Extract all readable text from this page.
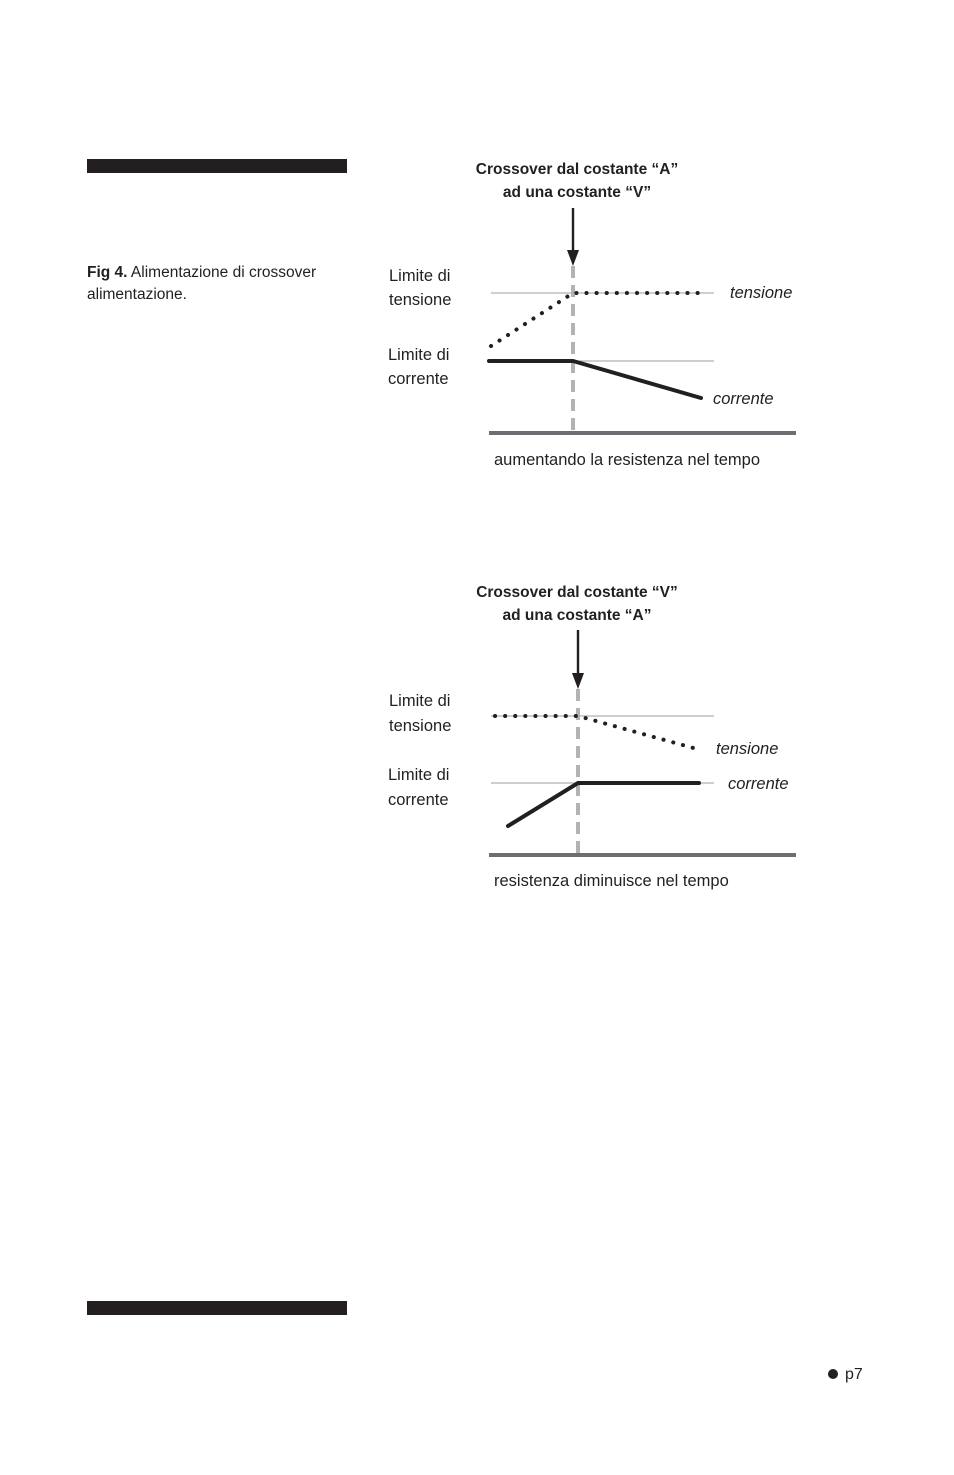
Fig 4. Alimentazione di crossover alimentazione.
Crossover dal costante “A”
ad una costante “V”
Limite di
tensione
Limite di
corrente
tensione
corrente
aumentando la resistenza nel tempo
Crossover dal costante “V”
ad una costante “A”
Limite di
tensione
Limite di
corrente
tensione
corrente
resistenza diminuisce nel tempo
p7
